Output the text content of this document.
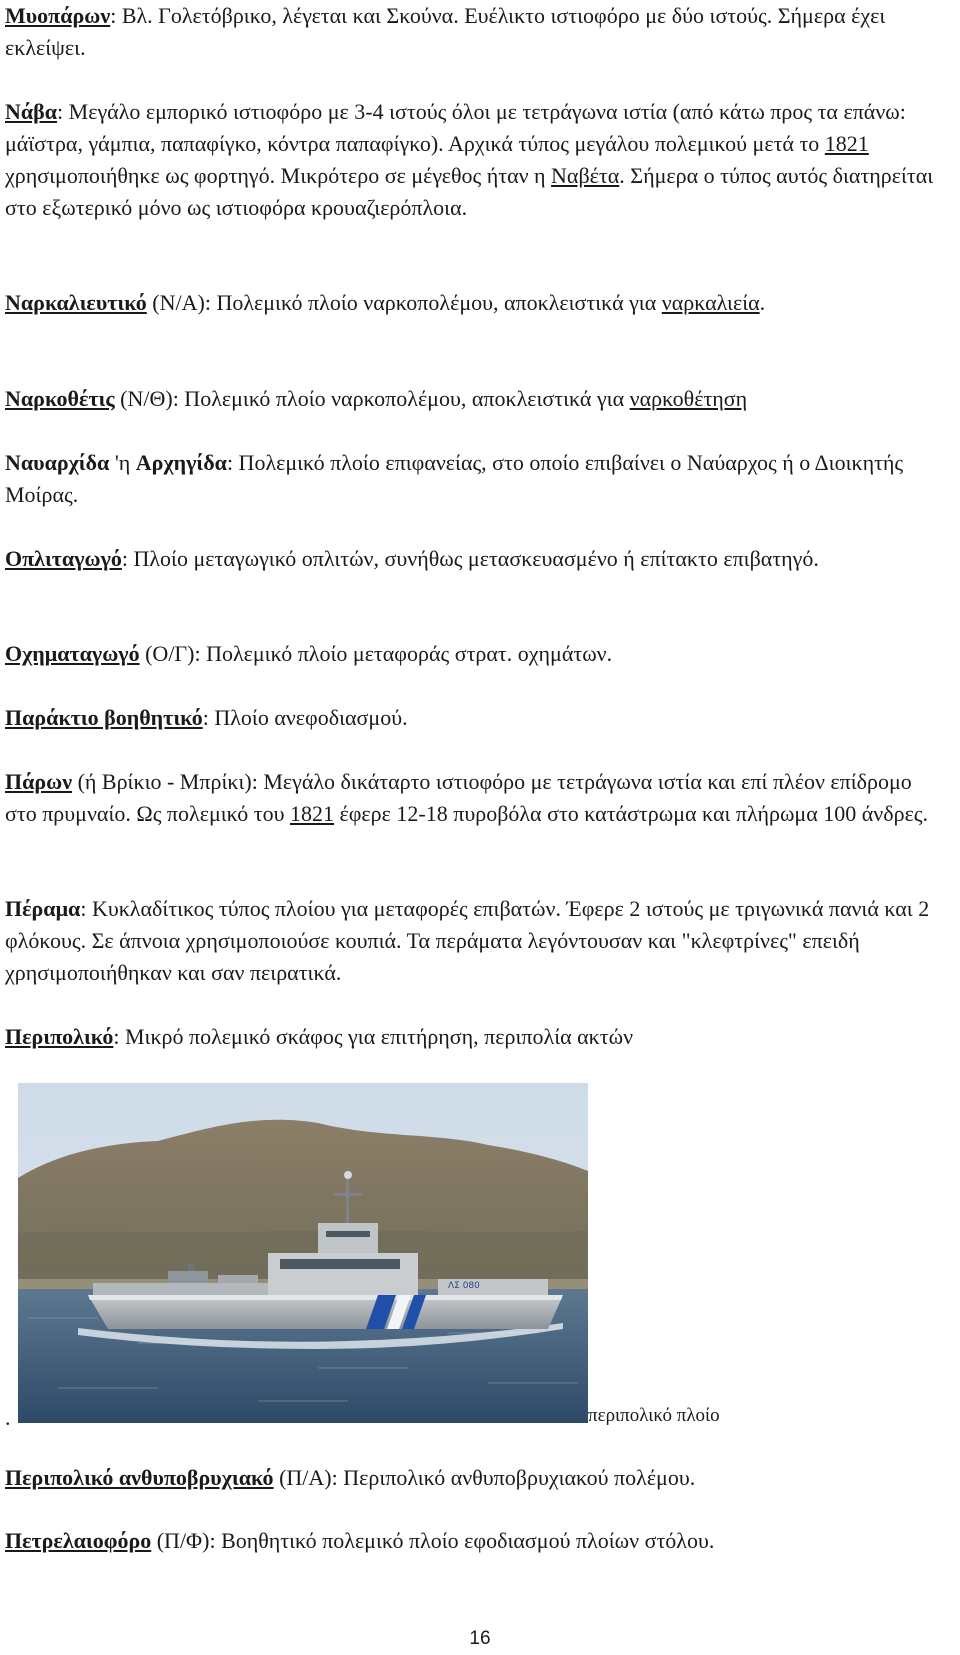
Μυοπάρων: Βλ. Γολετόβρικο, λέγεται και Σκούνα. Ευέλικτο ιστιοφόρο με δύο ιστούς. Σήμερα έχει εκλείψει.

Νάβα: Μεγάλο εμπορικό ιστιοφόρο με 3-4 ιστούς όλοι με τετράγωνα ιστία (από κάτω προς τα επάνω: μάϊστρα, γάμπια, παπαφίγκο, κόντρα παπαφίγκο). Αρχικά τύπος μεγάλου πολεμικού μετά το 1821 χρησιμοποιήθηκε ως φορτηγό. Μικρότερο σε μέγεθος ήταν η Ναβέτα. Σήμερα ο τύπος αυτός διατηρείται στο εξωτερικό μόνο ως ιστιοφόρα κρουαζιερόπλοια.

Ναρκαλιευτικό (Ν/Α): Πολεμικό πλοίο ναρκοπολέμου, αποκλειστικά για ναρκαλιεία.

Ναρκοθέτις (Ν/Θ): Πολεμικό πλοίο ναρκοπολέμου, αποκλειστικά για ναρκοθέτηση

Ναυαρχίδα 'η Αρχηγίδα: Πολεμικό πλοίο επιφανείας, στο οποίο επιβαίνει ο Ναύαρχος ή ο Διοικητής Μοίρας.

Οπλιταγωγό: Πλοίο μεταγωγικό οπλιτών, συνήθως μετασκευασμένο ή επίτακτο επιβατηγό.

Οχηματαγωγό (Ο/Γ): Πολεμικό πλοίο μεταφοράς στρατ. οχημάτων.

Παράκτιο βοηθητικό: Πλοίο ανεφοδιασμού.

Πάρων (ή Βρίκιο - Μπρίκι): Μεγάλο δικάταρτο ιστιοφόρο με τετράγωνα ιστία και επί πλέον επίδρομο στο πρυμναίο. Ως πολεμικό του 1821 έφερε 12-18 πυροβόλα στο κατάστρωμα και πλήρωμα 100 άνδρες.

Πέραμα: Κυκλαδίτικος τύπος πλοίου για μεταφορές επιβατών. Έφερε 2 ιστούς με τριγωνικά πανιά και 2 φλόκους. Σε άπνοια χρησιμοποιούσε κουπιά. Τα περάματα λεγόντουσαν και "κλεφτρίνες" επειδή χρησιμοποιήθηκαν και σαν πειρατικά.

Περιπολικό: Μικρό πολεμικό σκάφος για επιτήρηση, περιπολία ακτών

ΛΣ 080
.	περιπολικό πλοίο

Περιπολικό ανθυποβρυχιακό (Π/Α): Περιπολικό ανθυποβρυχιακού πολέμου.

Πετρελαιοφόρο (Π/Φ): Βοηθητικό πολεμικό πλοίο εφοδιασμού πλοίων στόλου.

16
